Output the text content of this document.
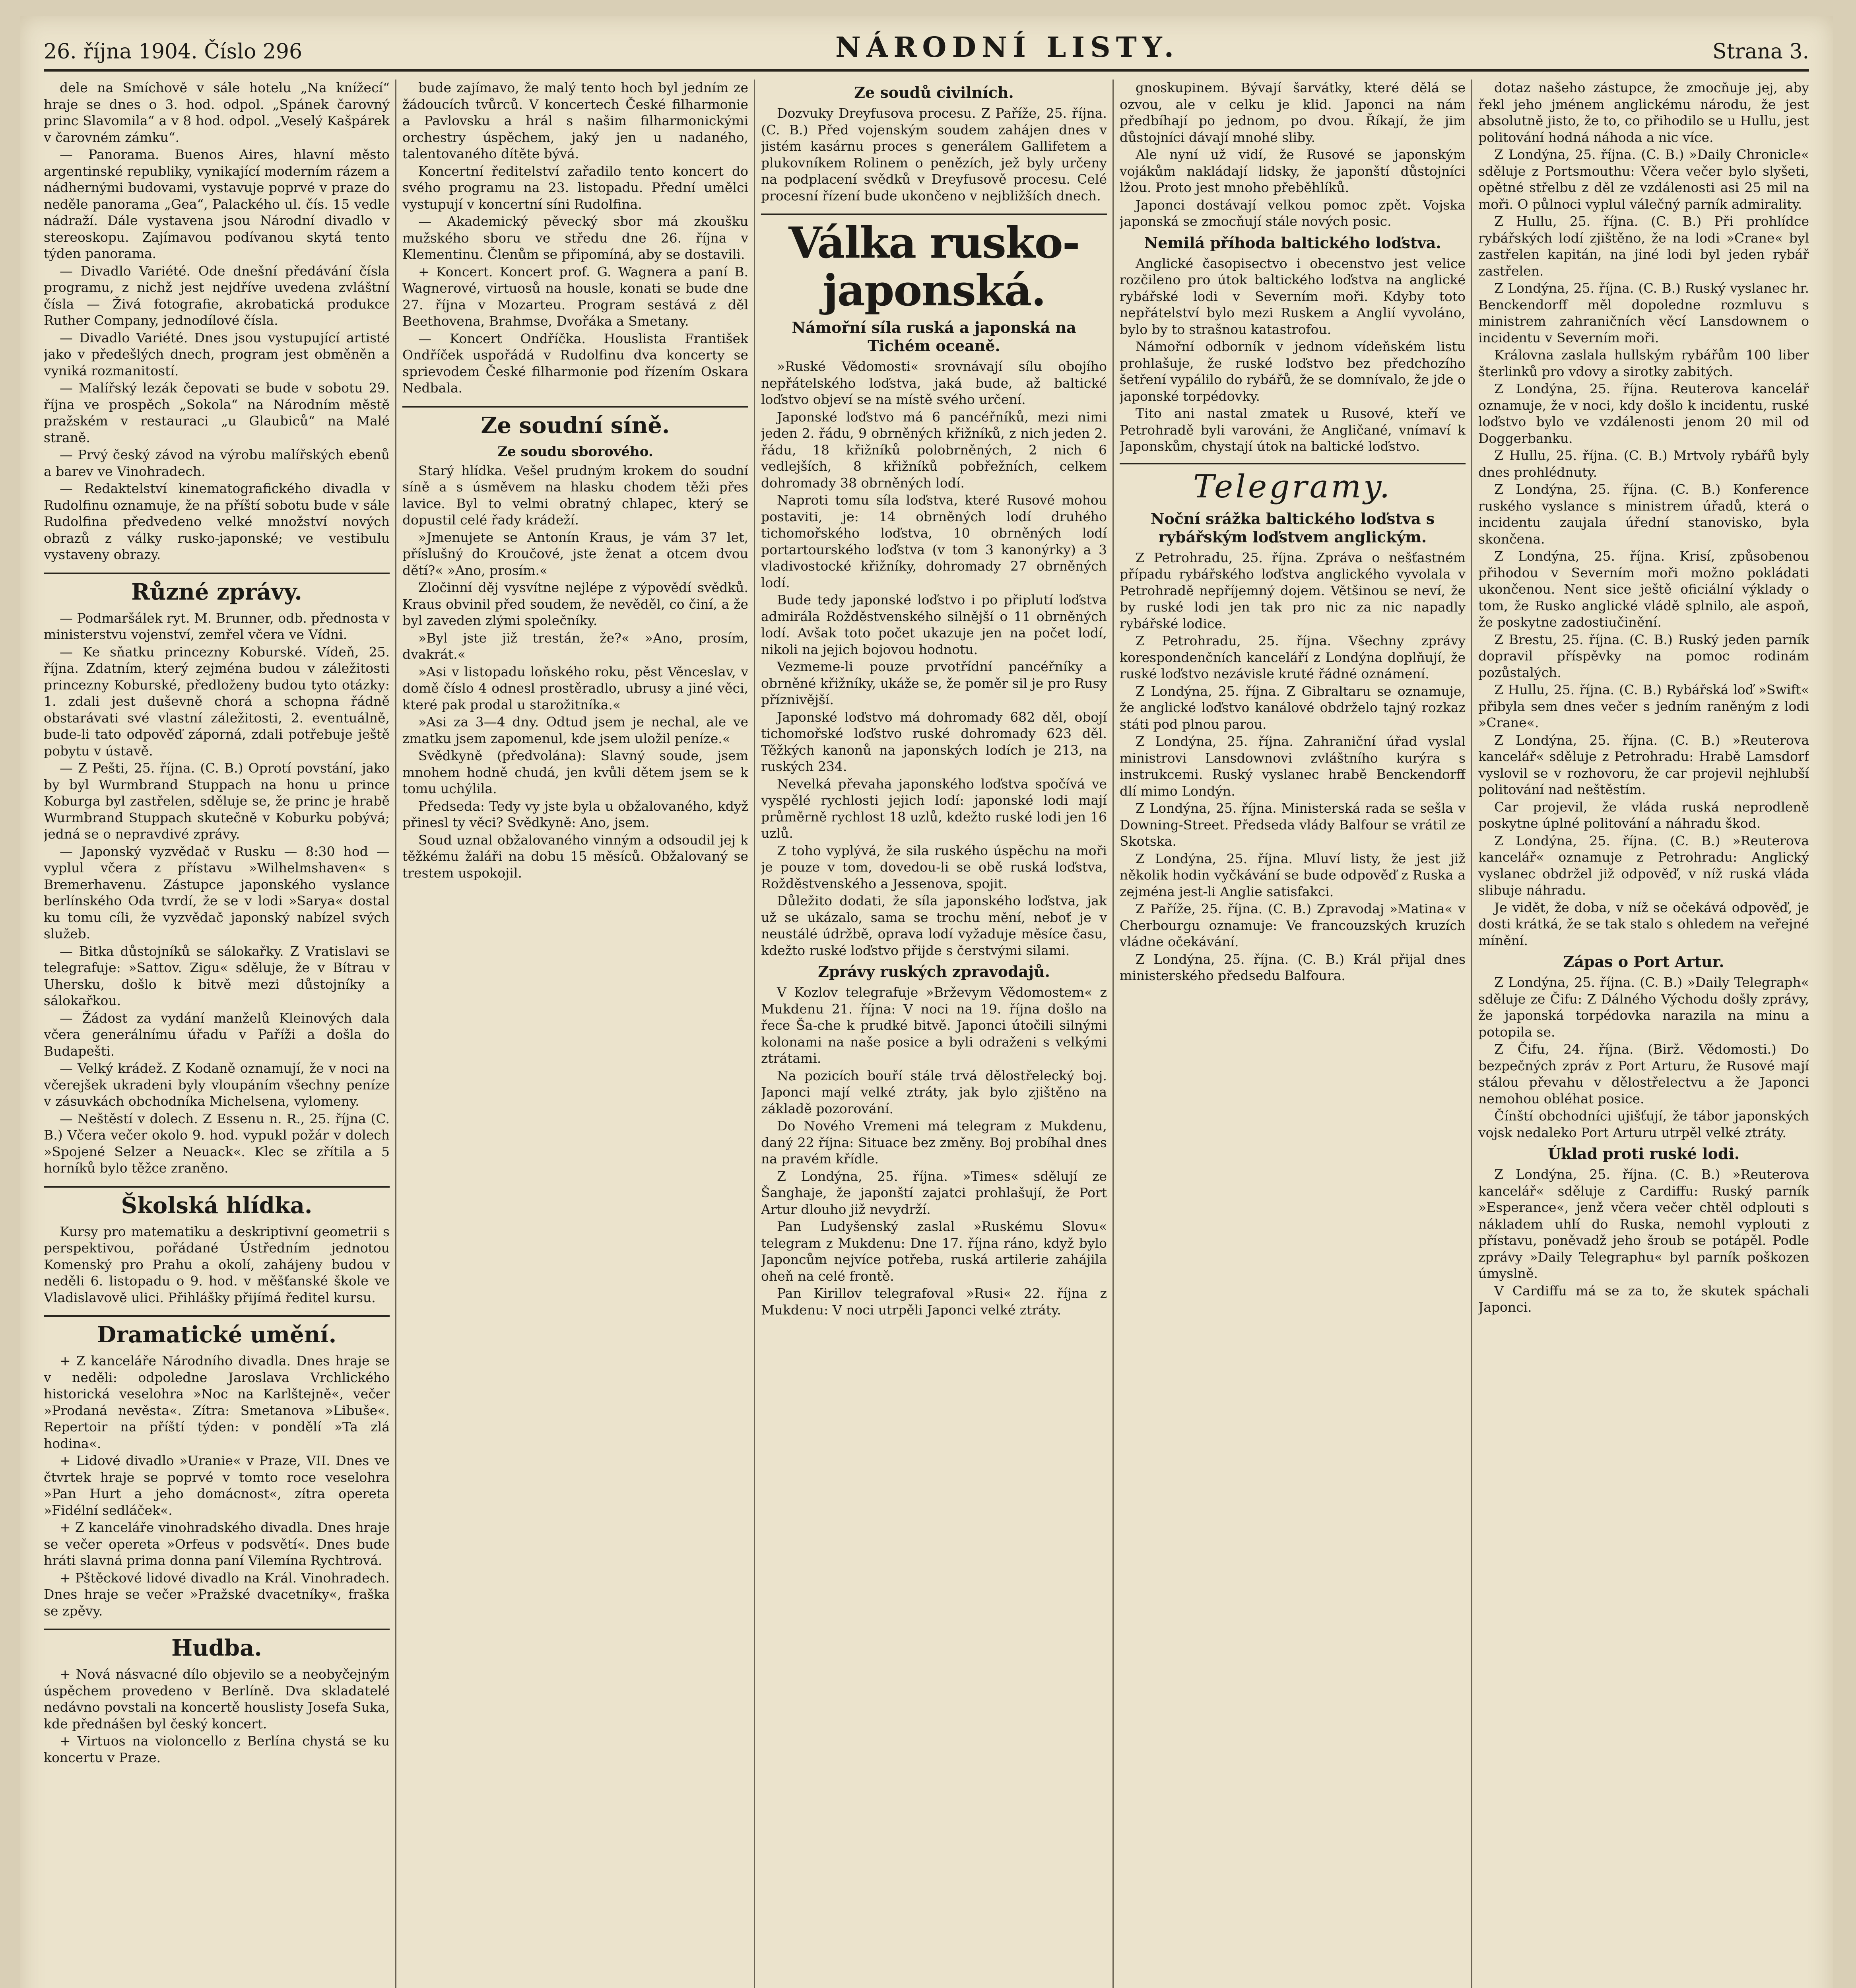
26. října 1904. Číslo 296	NÁRODNÍ LISTY.	Strana 3.

dele na Smíchově v sále hotelu „Na knížecí“ hraje se dnes o 3. hod. odpol. „Spánek čarovný princ Slavomila“ a v 8 hod. odpol. „Veselý Kašpárek v čarovném zámku“.

— Panorama. Buenos Aires, hlavní město argentinské republiky, vynikající moderním rázem a nádhernými budovami, vystavuje poprvé v praze do neděle panorama „Gea“, Palackého ul. čís. 15 vedle nádraží. Dále vystavena jsou Národní divadlo v stereoskopu. Zajímavou podívanou skytá tento týden panorama.

— Divadlo Variété. Ode dnešní předávání čísla programu, z nichž jest nejdříve uvedena zvláštní čísla — Živá fotografie, akrobatická produkce Ruther Company, jednodílové čísla.

— Divadlo Variété. Dnes jsou vystupující artisté jako v předešlých dnech, program jest obměněn a vyniká rozmanitostí.

— Malířský lezák čepovati se bude v sobotu 29. října ve prospěch „Sokola“ na Národním městě pražském v restauraci „u Glaubiců“ na Malé straně.

— Prvý český závod na výrobu malířských ebenů a barev ve Vinohradech.

— Redaktelství kinematografického divadla v Rudolfinu oznamuje, že na příští sobotu bude v sále Rudolfina předvedeno velké množství nových obrazů z války rusko-japonské; ve vestibulu vystaveny obrazy.

Různé zprávy.

— Podmaršálek ryt. M. Brunner, odb. přednosta v ministerstvu vojenství, zemřel včera ve Vídni.

— Ke sňatku princezny Koburské. Vídeň, 25. října. Zdatním, který zejména budou v záležitosti princezny Koburské, předloženy budou tyto otázky: 1. zdali jest duševně chorá a schopna řádně obstarávati své vlastní záležitosti, 2. eventuálně, bude-li tato odpověď záporná, zdali potřebuje ještě pobytu v ústavě.

— Z Pešti, 25. října. (C. B.) Oprotí povstání, jako by byl Wurmbrand Stuppach na honu u prince Koburga byl zastřelen, sděluje se, že princ je hrabě Wurmbrand Stuppach skutečně v Koburku pobývá; jedná se o nepravdivé zprávy.

— Japonský vyzvědač v Rusku — 8:30 hod — vyplul včera z přístavu »Wilhelmshaven« s Bremerhavenu. Zástupce japonského vyslance berlínského Oda tvrdí, že se v lodi »Sarya« dostal ku tomu cíli, že vyzvědač japonský nabízel svých služeb.

— Bitka důstojníků se sálokařky. Z Vratislavi se telegrafuje: »Sattov. Zigu« sděluje, že v Bítrau v Uhersku, došlo k bitvě mezi důstojníky a sálokařkou.

— Žádost za vydání manželů Kleinových dala včera generálnímu úřadu v Paříži a došla do Budapešti.

— Velký krádež. Z Kodaně oznamují, že v noci na včerejšek ukradeni byly vloupáním všechny peníze v zásuvkách obchodníka Michelsena, vylomeny.

— Neštěstí v dolech. Z Essenu n. R., 25. října (C. B.) Včera večer okolo 9. hod. vypukl požár v dolech »Spojené Selzer a Neuack«. Klec se zřítila a 5 horníků bylo těžce zraněno.

Školská hlídka.

Kursy pro matematiku a deskriptivní geometrii s perspektivou, pořádané Ústředním jednotou Komenský pro Prahu a okolí, zahájeny budou v neděli 6. listopadu o 9. hod. v měšťanské škole ve Vladislavově ulici. Přihlášky přijímá ředitel kursu.

Dramatické umění.

+ Z kanceláře Národního divadla. Dnes hraje se v neděli: odpoledne Jaroslava Vrchlického historická veselohra »Noc na Karlštejně«, večer »Prodaná nevěsta«. Zítra: Smetanova »Libuše«. Repertoir na příští týden: v pondělí »Ta zlá hodina«.

+ Lidové divadlo »Uranie« v Praze, VII. Dnes ve čtvrtek hraje se poprvé v tomto roce veselohra »Pan Hurt a jeho domácnost«, zítra opereta »Fidélní sedláček«.

+ Z kanceláře vinohradského divadla. Dnes hraje se večer opereta »Orfeus v podsvětí«. Dnes bude hráti slavná prima donna paní Vilemína Rychtrová.

+ Pštěckové lidové divadlo na Král. Vinohradech. Dnes hraje se večer »Pražské dvacetníky«, fraška se zpěvy.

Hudba.

+ Nová násvacné dílo objevilo se a neobyčejným úspěchem provedeno v Berlíně. Dva skladatelé nedávno povstali na koncertě houslisty Josefa Suka, kde přednášen byl český koncert.

+ Virtuos na violoncello z Berlína chystá se ku koncertu v Praze.

bude zajímavo, že malý tento hoch byl jedním ze žádoucích tvůrců. V koncertech České filharmonie a Pavlovsku a hrál s našim filharmonickými orchestry úspěchem, jaký jen u nadaného, talentovaného dítěte bývá.

Koncertní ředitelství zařadilo tento koncert do svého programu na 23. listopadu. Přední umělci vystupují v koncertní síni Rudolfina.

— Akademický pěvecký sbor má zkoušku mužského sboru ve středu dne 26. října v Klementinu. Členům se připomíná, aby se dostavili.

+ Koncert. Koncert prof. G. Wagnera a paní B. Wagnerové, virtuosů na housle, konati se bude dne 27. října v Mozarteu. Program sestává z děl Beethovena, Brahmse, Dvořáka a Smetany.

— Koncert Ondříčka. Houslista František Ondříček uspořádá v Rudolfinu dva koncerty se sprievodem České filharmonie pod řízením Oskara Nedbala.

Ze soudní síně.
Ze soudu sborového.

Starý hlídka. Vešel prudným krokem do soudní síně a s úsměvem na hlasku chodem těži přes lavice. Byl to velmi obratný chlapec, který se dopustil celé řady krádeží.

»Jmenujete se Antonín Kraus, je vám 37 let, příslušný do Kroučové, jste ženat a otcem dvou dětí?« »Ano, prosím.«

Zločinní děj vysvítne nejlépe z výpovědí svědků. Kraus obvinil před soudem, že nevěděl, co činí, a že byl zaveden zlými společníky.

»Byl jste již trestán, že?« »Ano, prosím, dvakrát.«

»Asi v listopadu loňského roku, pěst Věnceslav, v domě číslo 4 odnesl prostěradlo, ubrusy a jiné věci, které pak prodal u starožitníka.«

»Asi za 3—4 dny. Odtud jsem je nechal, ale ve zmatku jsem zapomenul, kde jsem uložil peníze.«

Svědkyně (předvolána): Slavný soude, jsem mnohem hodně chudá, jen kvůli dětem jsem se k tomu uchýlila.

Předseda: Tedy vy jste byla u obžalovaného, když přinesl ty věci? Svědkyně: Ano, jsem.

Soud uznal obžalovaného vinným a odsoudil jej k těžkému žaláři na dobu 15 měsíců. Obžalovaný se trestem uspokojil.

Ze soudů civilních.

Dozvuky Dreyfusova procesu. Z Paříže, 25. října. (C. B.) Před vojenským soudem zahájen dnes v jistém kasárnu proces s generálem Gallifetem a plukovníkem Rolinem o penězích, jež byly určeny na podplacení svědků v Dreyfusově procesu. Celé procesní řízení bude ukončeno v nejbližších dnech.

Válka rusko-japonská.
Námořní síla ruská a japonská na Tichém oceaně.

»Ruské Vědomosti« srovnávají sílu obojího nepřátelského loďstva, jaká bude, až baltické loďstvo objeví se na místě svého určení.

Japonské loďstvo má 6 pancéřníků, mezi nimi jeden 2. řádu, 9 obrněných křižníků, z nich jeden 2. řádu, 18 křižníků polobrněných, 2 nich 6 vedlejších, 8 křižníků pobřežních, celkem dohromady 38 obrněných lodí.

Naproti tomu síla loďstva, které Rusové mohou postaviti, je: 14 obrněných lodí druhého tichomořského loďstva, 10 obrněných lodí portartourského loďstva (v tom 3 kanonýrky) a 3 vladivostocké křižníky, dohromady 27 obrněných lodí.

Bude tedy japonské loďstvo i po připlutí loďstva admirála Rožděstvenského silnější o 11 obrněných lodí. Avšak toto počet ukazuje jen na počet lodí, nikoli na jejich bojovou hodnotu.

Vezmeme-li pouze prvotřídní pancéřníky a obrněné křižníky, ukáže se, že poměr sil je pro Rusy příznivější.

Japonské loďstvo má dohromady 682 děl, obojí tichomořské loďstvo ruské dohromady 623 děl. Těžkých kanonů na japonských lodích je 213, na ruských 234.

Nevelká převaha japonského loďstva spočívá ve vyspělé rychlosti jejich lodí: japonské lodi mají průměrně rychlost 18 uzlů, kdežto ruské lodi jen 16 uzlů.

Z toho vyplývá, že sila ruského úspěchu na moři je pouze v tom, dovedou-li se obě ruská loďstva, Rožděstvenského a Jessenova, spojit.

Důležito dodati, že síla japonského loďstva, jak už se ukázalo, sama se trochu mění, neboť je v neustálé údržbě, oprava lodí vyžaduje měsíce času, kdežto ruské loďstvo přijde s čerstvými silami.

Zprávy ruských zpravodajů.

V Kozlov telegrafuje »Brževym Vědomostem« z Mukdenu 21. října: V noci na 19. října došlo na řece Ša-che k prudké bitvě. Japonci útočili silnými kolonami na naše posice a byli odraženi s velkými ztrátami.

Na pozicích bouří stále trvá dělostřelecký boj. Japonci mají velké ztráty, jak bylo zjištěno na základě pozorování.

Do Nového Vremeni má telegram z Mukdenu, daný 22 října: Situace bez změny. Boj probíhal dnes na pravém křídle.

Z Londýna, 25. října. »Times« sdělují ze Šanghaje, že japonští zajatci prohlašují, že Port Artur dlouho již nevydrží.

Pan Ludyšenský zaslal »Ruskému Slovu« telegram z Mukdenu: Dne 17. října ráno, když bylo Japoncům nejvíce potřeba, ruská artilerie zahájila oheň na celé frontě.

Pan Kirillov telegrafoval »Rusi« 22. října z Mukdenu: V noci utrpěli Japonci velké ztráty.

gnoskupinem. Bývají šarvátky, které dělá se ozvou, ale v celku je klid. Japonci na nám předbíhají po jednom, po dvou. Říkají, že jim důstojníci dávají mnohé sliby.

Ale nyní už vidí, že Rusové se japonským vojákům nakládají lidsky, že japonští důstojníci lžou. Proto jest mnoho přeběhlíků.

Japonci dostávají velkou pomoc zpět. Vojska japonská se zmocňují stále nových posic.

Nemilá příhoda baltického loďstva.

Anglické časopisectvo i obecenstvo jest velice rozčileno pro útok baltického loďstva na anglické rybářské lodi v Severním moři. Kdyby toto nepřátelství bylo mezi Ruskem a Anglií vyvoláno, bylo by to strašnou katastrofou.

Námořní odborník v jednom vídeňském listu prohlašuje, že ruské loďstvo bez předchozího šetření vypálilo do rybářů, že se domnívalo, že jde o japonské torpédovky.

Tito ani nastal zmatek u Rusové, kteří ve Petrohradě byli varováni, že Angličané, vnímaví k Japonskům, chystají útok na baltické loďstvo.

Telegramy.
Noční srážka baltického loďstva s rybářským loďstvem anglickým.

Z Petrohradu, 25. října. Zpráva o nešťastném případu rybářského loďstva anglického vyvolala v Petrohradě nepříjemný dojem. Většinou se neví, že by ruské lodi jen tak pro nic za nic napadly rybářské lodice.

Z Petrohradu, 25. října. Všechny zprávy korespondenčních kanceláří z Londýna doplňují, že ruské loďstvo nezávisle kruté řádné oznámení.

Z Londýna, 25. října. Z Gibraltaru se oznamuje, že anglické loďstvo kanálové obdrželo tajný rozkaz státi pod plnou parou.

Z Londýna, 25. října. Zahraniční úřad vyslal ministrovi Lansdownovi zvláštního kurýra s instrukcemi. Ruský vyslanec hrabě Benckendorff dlí mimo Londýn.

Z Londýna, 25. října. Ministerská rada se sešla v Downing-Street. Předseda vlády Balfour se vrátil ze Skotska.

Z Londýna, 25. října. Mluví listy, že jest již několik hodin vyčkávání se bude odpověď z Ruska a zejména jest-li Anglie satisfakci.

Z Paříže, 25. října. (C. B.) Zpravodaj »Matina« v Cherbourgu oznamuje: Ve francouzských kruzích vládne očekávání.

Z Londýna, 25. října. (C. B.) Král přijal dnes ministerského předsedu Balfoura.

dotaz našeho zástupce, že zmocňuje jej, aby řekl jeho jménem anglickému národu, že jest absolutně jisto, že to, co přihodilo se u Hullu, jest politování hodná náhoda a nic více.

Z Londýna, 25. října. (C. B.) »Daily Chronicle« sděluje z Portsmouthu: Včera večer bylo slyšeti, opětné střelbu z děl ze vzdálenosti asi 25 mil na moři. O půlnoci vyplul válečný parník admirality.

Z Hullu, 25. října. (C. B.) Při prohlídce rybářských lodí zjištěno, že na lodi »Crane« byl zastřelen kapitán, na jiné lodi byl jeden rybář zastřelen.

Z Londýna, 25. října. (C. B.) Ruský vyslanec hr. Benckendorff měl dopoledne rozmluvu s ministrem zahraničních věcí Lansdownem o incidentu v Severním moři.

Královna zaslala hullským rybářům 100 liber šterlinků pro vdovy a sirotky zabitých.

Z Londýna, 25. října. Reuterova kancelář oznamuje, že v noci, kdy došlo k incidentu, ruské loďstvo bylo ve vzdálenosti jenom 20 mil od Doggerbanku.

Z Hullu, 25. října. (C. B.) Mrtvoly rybářů byly dnes prohlédnuty.

Z Londýna, 25. října. (C. B.) Konference ruského vyslance s ministrem úřadů, která o incidentu zaujala úřední stanovisko, byla skončena.

Z Londýna, 25. října. Krisí, způsobenou přihodou v Severním moři možno pokládati ukončenou. Nent sice ještě oficiální výklady o tom, že Rusko anglické vládě splnilo, ale aspoň, že poskytne zadostiučinění.

Z Brestu, 25. října. (C. B.) Ruský jeden parník dopravil příspěvky na pomoc rodinám pozůstalých.

Z Hullu, 25. října. (C. B.) Rybářská loď »Swift« přibyla sem dnes večer s jedním raněným z lodi »Crane«.

Z Londýna, 25. října. (C. B.) »Reuterova kancelář« sděluje z Petrohradu: Hrabě Lamsdorf vyslovil se v rozhovoru, že car projevil nejhlubší politování nad neštěstím.

Car projevil, že vláda ruská neprodleně poskytne úplné politování a náhradu škod.

Z Londýna, 25. října. (C. B.) »Reuterova kancelář« oznamuje z Petrohradu: Anglický vyslanec obdržel již odpověď, v níž ruská vláda slibuje náhradu.

Je vidět, že doba, v níž se očekává odpověď, je dosti krátká, že se tak stalo s ohledem na veřejné mínění.

Zápas o Port Artur.

Z Londýna, 25. října. (C. B.) »Daily Telegraph« sděluje ze Čifu: Z Dálného Východu došly zprávy, že japonská torpédovka narazila na minu a potopila se.

Z Čifu, 24. října. (Birž. Vědomosti.) Do bezpečných zpráv z Port Arturu, že Rusové mají stálou převahu v dělostřelectvu a že Japonci nemohou obléhat posice.

Čínští obchodníci ujišťují, že tábor japonských vojsk nedaleko Port Arturu utrpěl velké ztráty.

Úklad proti ruské lodi.

Z Londýna, 25. října. (C. B.) »Reuterova kancelář« sděluje z Cardiffu: Ruský parník »Esperance«, jenž včera večer chtěl odplouti s nákladem uhlí do Ruska, nemohl vyplouti z přístavu, poněvadž jeho šroub se potápěl. Podle zprávy »Daily Telegraphu« byl parník poškozen úmyslně.

V Cardiffu má se za to, že skutek spáchali Japonci.
